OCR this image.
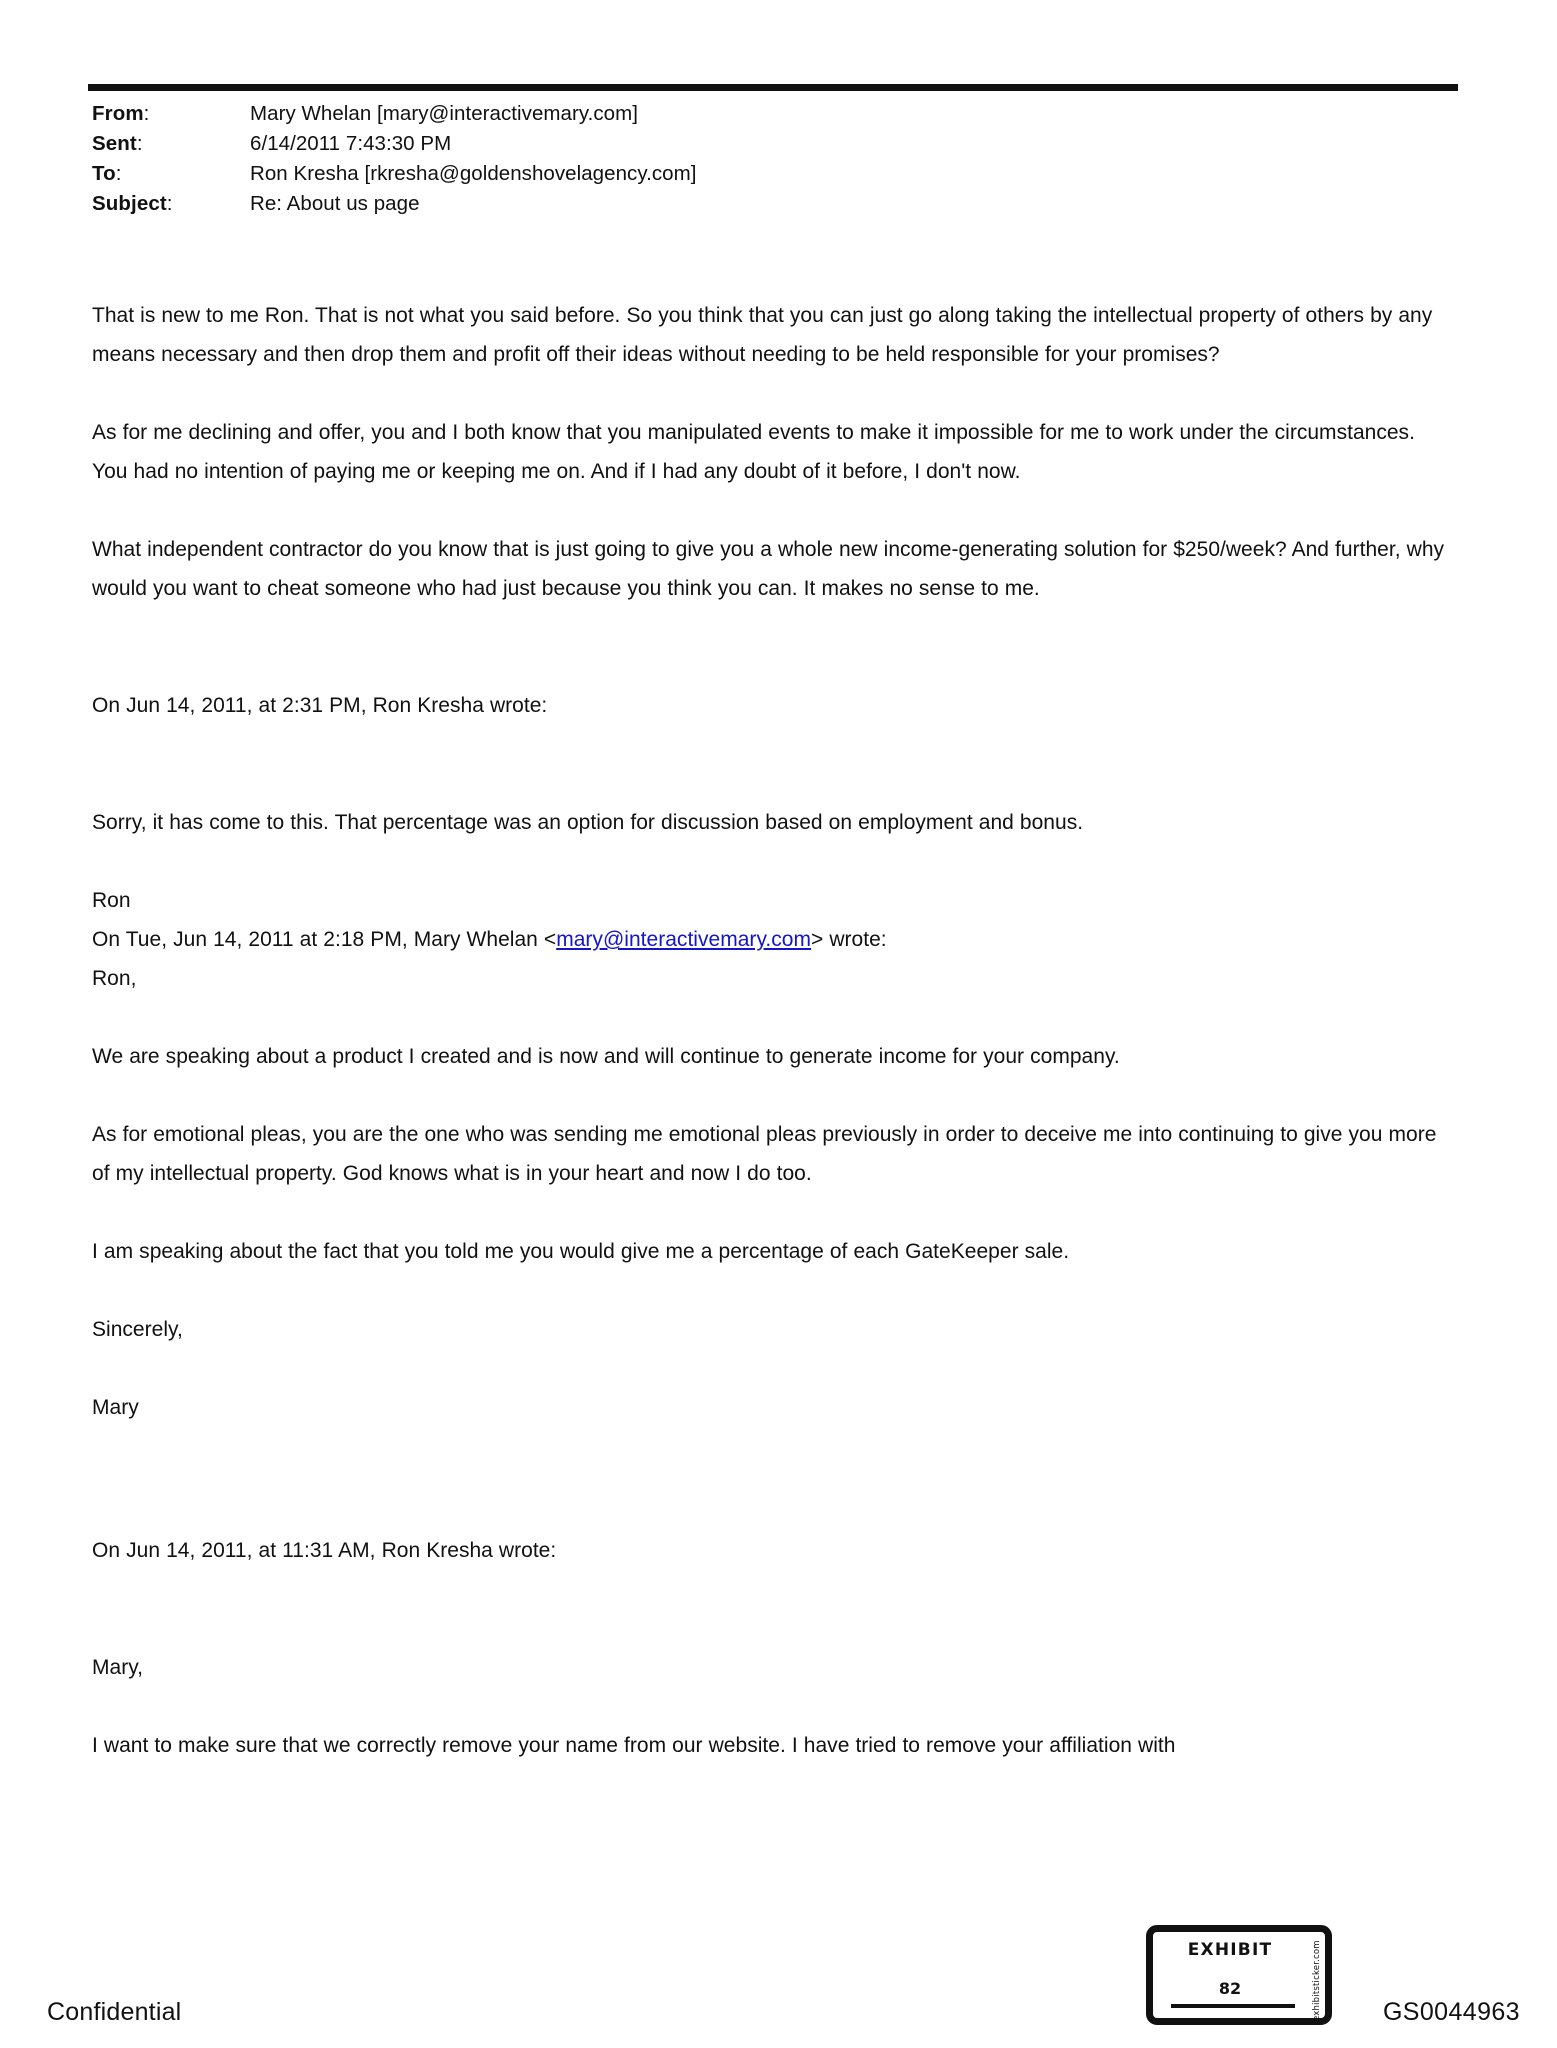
From:	Mary Whelan [mary@interactivemary.com]
Sent:	6/14/2011 7:43:30 PM
To:	Ron Kresha [rkresha@goldenshovelagency.com]
Subject:	Re: About us page

That is new to me Ron. That is not what you said before. So you think that you can just go along taking the intellectual property of others by any means necessary and then drop them and profit off their ideas without needing to be held responsible for your promises?

As for me declining and offer, you and I both know that you manipulated events to make it impossible for me to work under the circumstances. You had no intention of paying me or keeping me on. And if I had any doubt of it before, I don't now.

What independent contractor do you know that is just going to give you a whole new income-generating solution for $250/week? And further, why would you want to cheat someone who had just because you think you can. It makes no sense to me.

On Jun 14, 2011, at 2:31 PM, Ron Kresha wrote:

Sorry, it has come to this. That percentage was an option for discussion based on employment and bonus.

Ron

On Tue, Jun 14, 2011 at 2:18 PM, Mary Whelan <mary@interactivemary.com> wrote:

Ron,

We are speaking about a product I created and is now and will continue to generate income for your company.

As for emotional pleas, you are the one who was sending me emotional pleas previously in order to deceive me into continuing to give you more of my intellectual property. God knows what is in your heart and now I do too.

I am speaking about the fact that you told me you would give me a percentage of each GateKeeper sale.

Sincerely,

Mary

On Jun 14, 2011, at 11:31 AM, Ron Kresha wrote:

Mary,

I want to make sure that we correctly remove your name from our website. I have tried to remove your affiliation with

EXHIBIT
82	exhibitsticker.com
Confidential	GS0044963
